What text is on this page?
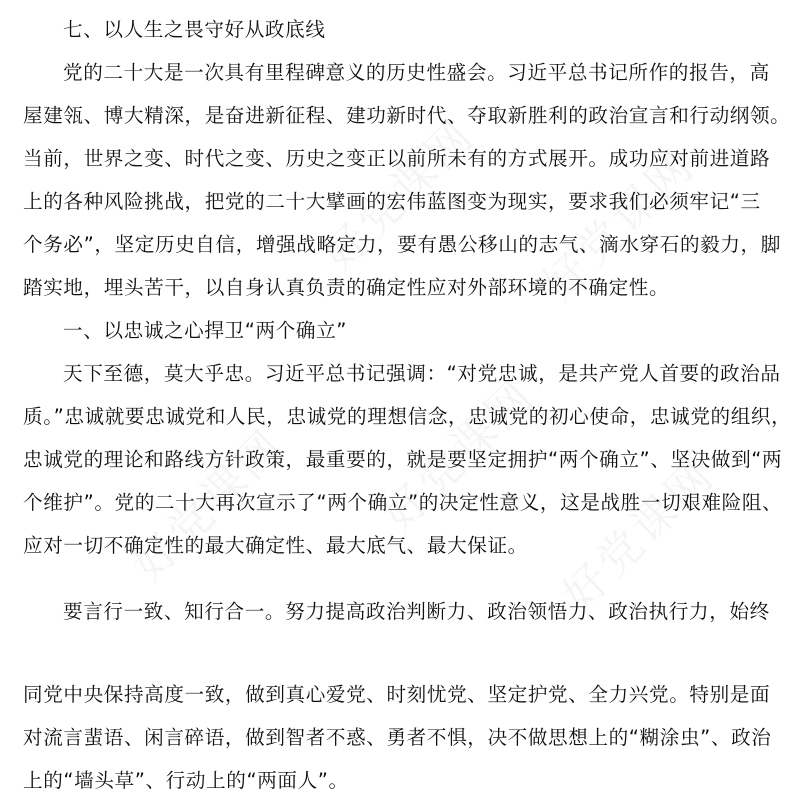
七、以人生之畏守好从政底线
党的二十大是一次具有里程碑意义的历史性盛会。习近平总书记所作的报告，高
屋建瓴、博大精深，是奋进新征程、建功新时代、夺取新胜利的政治宣言和行动纲领。
当前，世界之变、时代之变、历史之变正以前所未有的方式展开。成功应对前进道路
上的各种风险挑战，把党的二十大擘画的宏伟蓝图变为现实，要求我们必须牢记“三
个务必”，坚定历史自信，增强战略定力，要有愚公移山的志气、滴水穿石的毅力，脚
踏实地，埋头苦干，以自身认真负责的确定性应对外部环境的不确定性。
一、以忠诚之心捍卫“两个确立”
天下至德，莫大乎忠。习近平总书记强调：“对党忠诚，是共产党人首要的政治品
质。”忠诚就要忠诚党和人民，忠诚党的理想信念，忠诚党的初心使命，忠诚党的组织，
忠诚党的理论和路线方针政策，最重要的，就是要坚定拥护“两个确立”、坚决做到“两
个维护”。党的二十大再次宣示了“两个确立”的决定性意义，这是战胜一切艰难险阻、
应对一切不确定性的最大确定性、最大底气、最大保证。
要言行一致、知行合一。努力提高政治判断力、政治领悟力、政治执行力，始终
同党中央保持高度一致，做到真心爱党、时刻忧党、坚定护党、全力兴党。特别是面
对流言蜚语、闲言碎语，做到智者不惑、勇者不惧，决不做思想上的“糊涂虫”、政治
上的“墙头草”、行动上的“两面人”。
